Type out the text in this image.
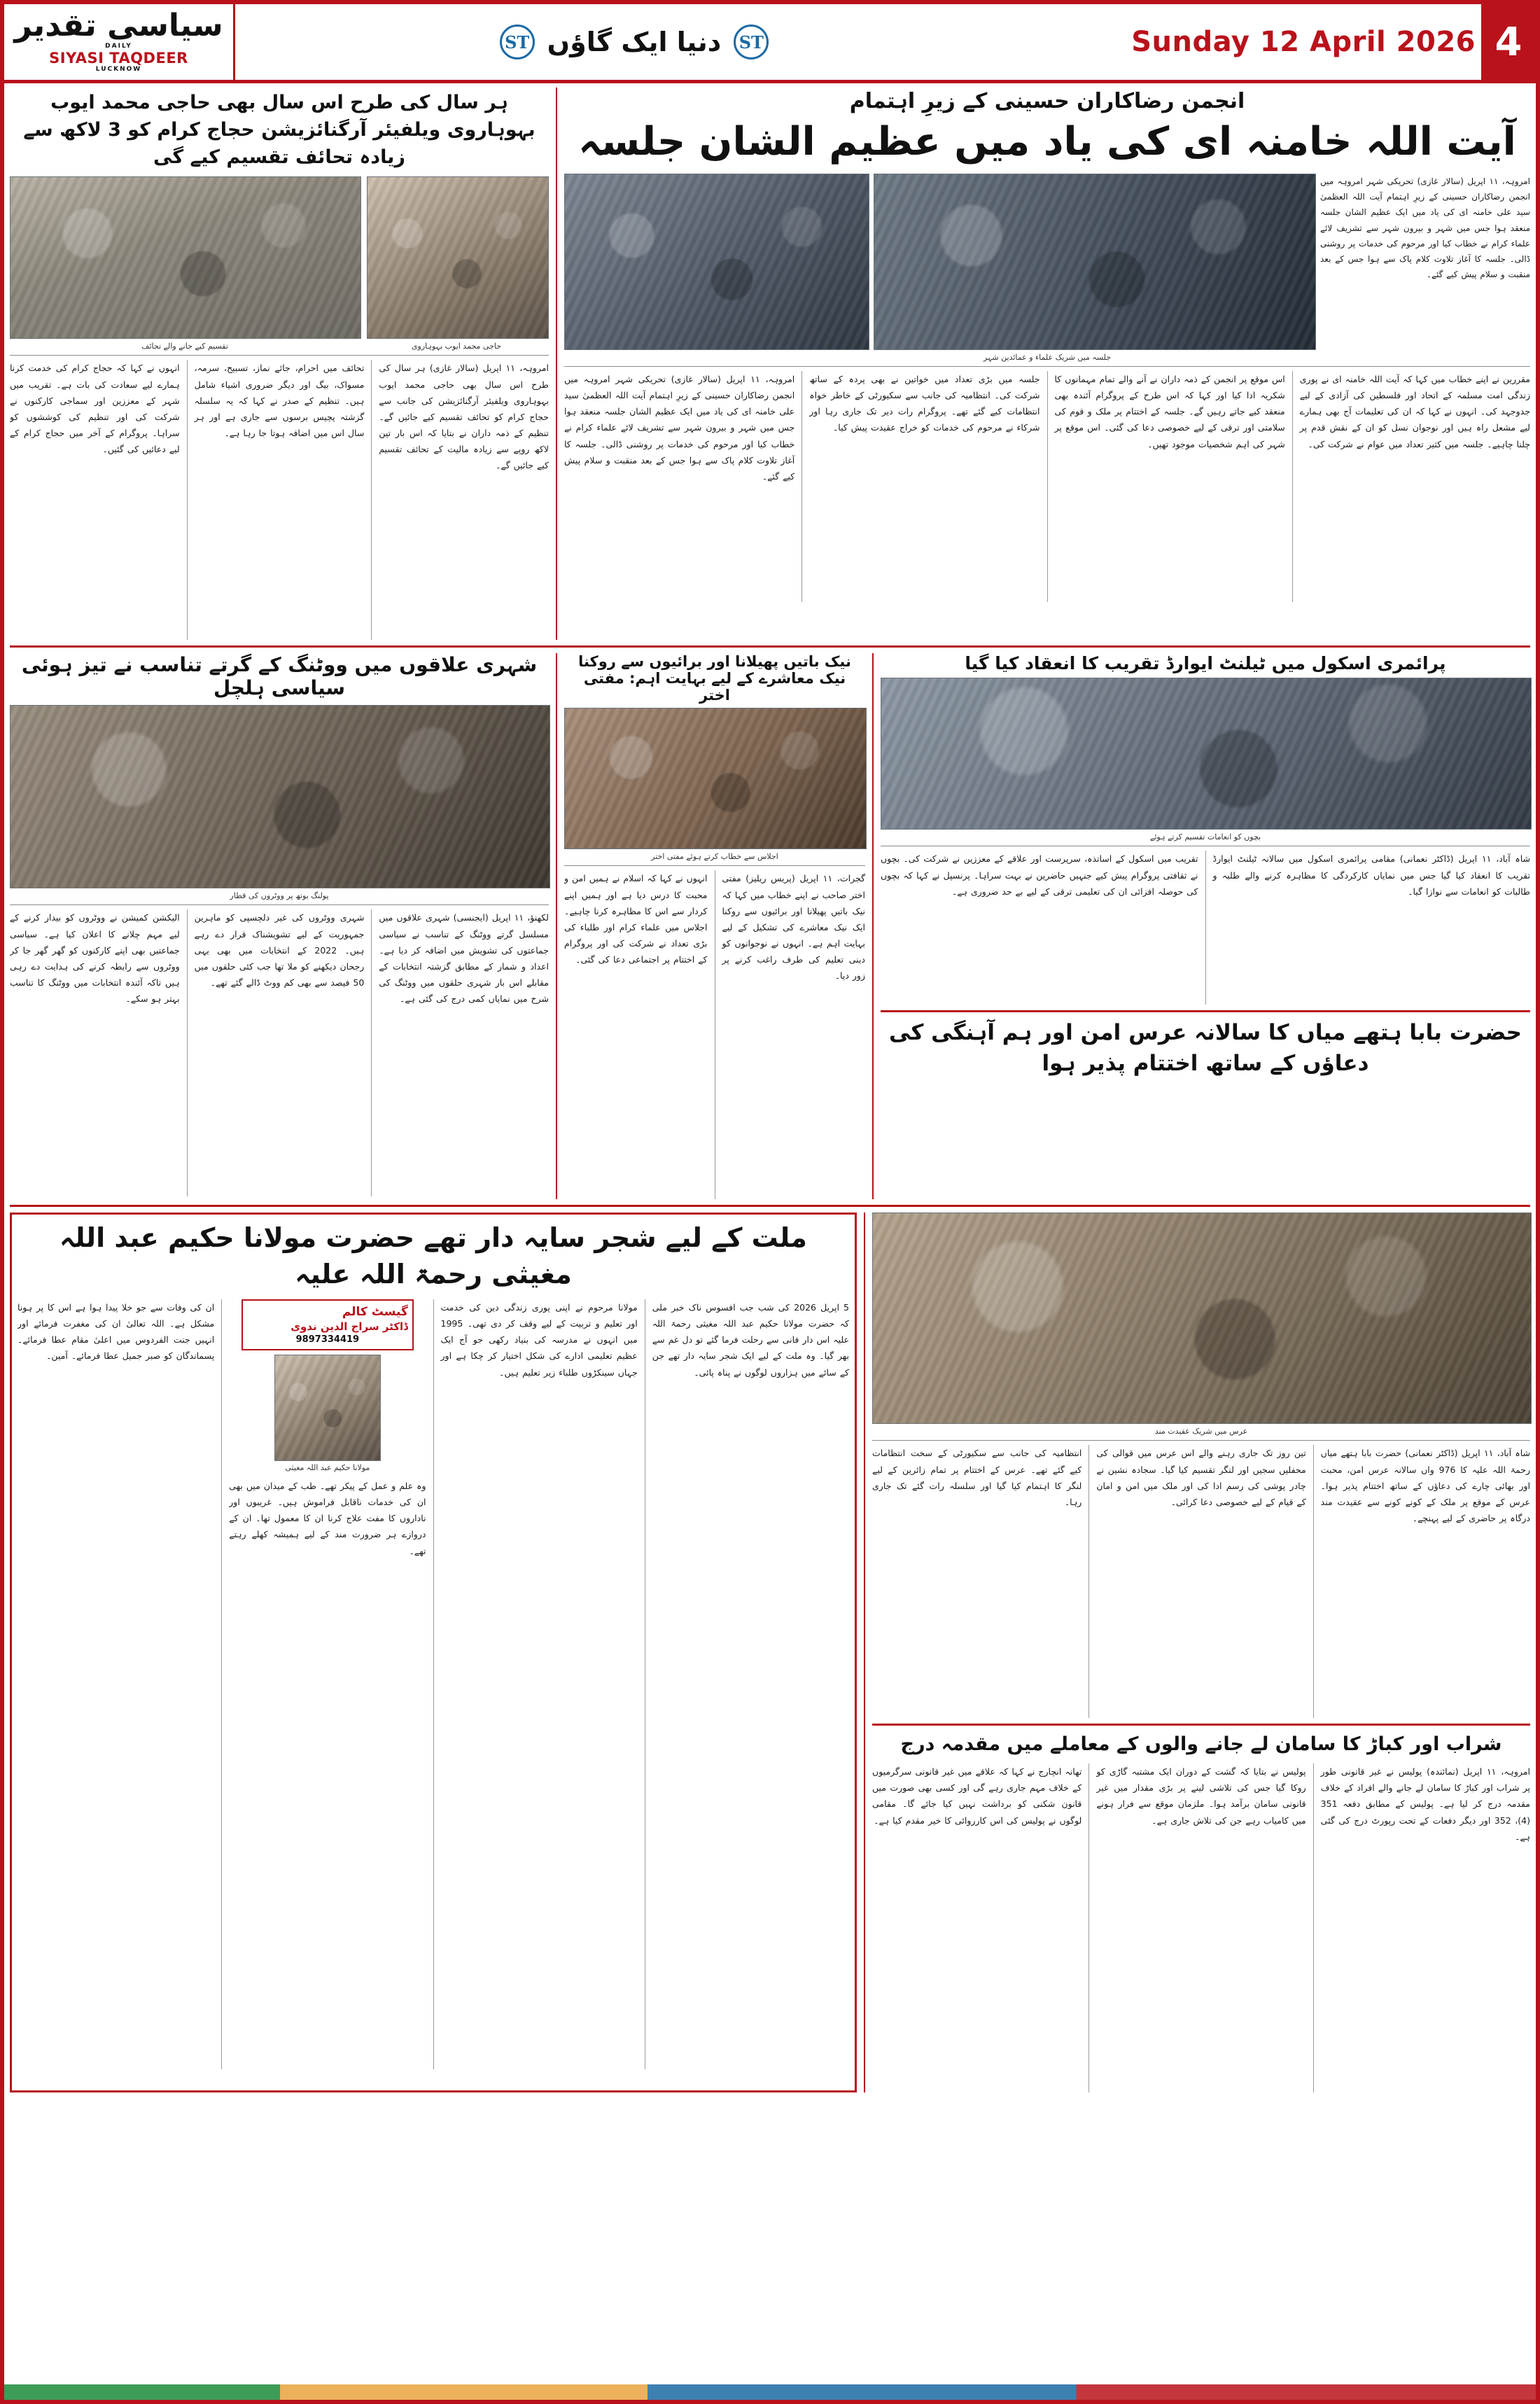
سیاسی تقدیر
DAILY
SIYASI TAQDEER
LUCKNOW
ST دنیا ایک گاؤں	ST	Sunday 12 April 2026 4
ہر سال کی طرح اس سال بھی حاجی محمد ایوب بہوہاروی ویلفیئر آرگنائزیشن حجاج کرام کو 3 لاکھ سے زیادہ تحائف تقسیم کیے گی
تقسیم کیے جانے والے تحائف	حاجی محمد ایوب بہوہاروی
امروہہ، ١١ اپریل (سالار غازی) ہر سال کی طرح اس سال بھی حاجی محمد ایوب بہوہاروی ویلفیئر آرگنائزیشن کی جانب سے حجاج کرام کو تحائف تقسیم کیے جائیں گے۔ تنظیم کے ذمہ داران نے بتایا کہ اس بار تین لاکھ روپے سے زیادہ مالیت کے تحائف تقسیم کیے جائیں گے۔
تحائف میں احرام، جائے نماز، تسبیح، سرمہ، مسواک، بیگ اور دیگر ضروری اشیاء شامل ہیں۔ تنظیم کے صدر نے کہا کہ یہ سلسلہ گزشتہ پچیس برسوں سے جاری ہے اور ہر سال اس میں اضافہ ہوتا جا رہا ہے۔
انہوں نے کہا کہ حجاج کرام کی خدمت کرنا ہمارے لیے سعادت کی بات ہے۔ تقریب میں شہر کے معززین اور سماجی کارکنوں نے شرکت کی اور تنظیم کی کوششوں کو سراہا۔ پروگرام کے آخر میں حجاج کرام کے لیے دعائیں کی گئیں۔
انجمن رضاکاران حسینی کے زیرِ اہتمام
آیت اللہ خامنہ ای کی یاد میں عظیم الشان جلسہ
امروہہ، ١١ اپریل (سالار غازی) تحریکی شہر امروہہ میں انجمن رضاکاران حسینی کے زیرِ اہتمام آیت اللہ العظمیٰ سید علی خامنہ ای کی یاد میں ایک عظیم الشان جلسہ منعقد ہوا جس میں شہر و بیرون شہر سے تشریف لائے علماء کرام نے خطاب کیا اور مرحوم کی خدمات پر روشنی ڈالی۔ جلسہ کا آغاز تلاوت کلام پاک سے ہوا جس کے بعد منقبت و سلام پیش کیے گئے۔
جلسہ میں شریک علماء و عمائدین شہر
مقررین نے اپنے خطاب میں کہا کہ آیت اللہ خامنہ ای نے پوری زندگی امت مسلمہ کے اتحاد اور فلسطین کی آزادی کے لیے جدوجہد کی۔ انہوں نے کہا کہ ان کی تعلیمات آج بھی ہمارے لیے مشعل راہ ہیں اور نوجوان نسل کو ان کے نقش قدم پر چلنا چاہیے۔ جلسہ میں کثیر تعداد میں عوام نے شرکت کی۔
اس موقع پر انجمن کے ذمہ داران نے آنے والے تمام مہمانوں کا شکریہ ادا کیا اور کہا کہ اس طرح کے پروگرام آئندہ بھی منعقد کیے جاتے رہیں گے۔ جلسہ کے اختتام پر ملک و قوم کی سلامتی اور ترقی کے لیے خصوصی دعا کی گئی۔ اس موقع پر شہر کی اہم شخصیات موجود تھیں۔
جلسہ میں بڑی تعداد میں خواتین نے بھی پردہ کے ساتھ شرکت کی۔ انتظامیہ کی جانب سے سکیورٹی کے خاطر خواہ انتظامات کیے گئے تھے۔ پروگرام رات دیر تک جاری رہا اور شرکاء نے مرحوم کی خدمات کو خراج عقیدت پیش کیا۔
امروہہ، ١١ اپریل (سالار غازی) تحریکی شہر امروہہ میں انجمن رضاکاران حسینی کے زیرِ اہتمام آیت اللہ العظمیٰ سید علی خامنہ ای کی یاد میں ایک عظیم الشان جلسہ منعقد ہوا جس میں شہر و بیرون شہر سے تشریف لائے علماء کرام نے خطاب کیا اور مرحوم کی خدمات پر روشنی ڈالی۔ جلسہ کا آغاز تلاوت کلام پاک سے ہوا جس کے بعد منقبت و سلام پیش کیے گئے۔
شہری علاقوں میں ووٹنگ کے گرتے تناسب نے تیز ہوئی سیاسی ہلچل
پولنگ بوتھ پر ووٹروں کی قطار
لکھنؤ، ١١ اپریل (ایجنسی) شہری علاقوں میں مسلسل گرتے ووٹنگ کے تناسب نے سیاسی جماعتوں کی تشویش میں اضافہ کر دیا ہے۔ اعداد و شمار کے مطابق گزشتہ انتخابات کے مقابلے اس بار شہری حلقوں میں ووٹنگ کی شرح میں نمایاں کمی درج کی گئی ہے۔
شہری ووٹروں کی غیر دلچسپی کو ماہرین جمہوریت کے لیے تشویشناک قرار دے رہے ہیں۔ 2022 کے انتخابات میں بھی یہی رجحان دیکھنے کو ملا تھا جب کئی حلقوں میں 50 فیصد سے بھی کم ووٹ ڈالے گئے تھے۔
الیکشن کمیشن نے ووٹروں کو بیدار کرنے کے لیے مہم چلانے کا اعلان کیا ہے۔ سیاسی جماعتیں بھی اپنے کارکنوں کو گھر گھر جا کر ووٹروں سے رابطہ کرنے کی ہدایت دے رہی ہیں تاکہ آئندہ انتخابات میں ووٹنگ کا تناسب بہتر ہو سکے۔
نیک باتیں پھیلانا اور برائیوں سے روکنا نیک معاشرے کے لیے بہایت اہم: مفتی اختر
اجلاس سے خطاب کرتے ہوئے مفتی اختر
گجرات، ١١ اپریل (پریس ریلیز) مفتی اختر صاحب نے اپنے خطاب میں کہا کہ نیک باتیں پھیلانا اور برائیوں سے روکنا ایک نیک معاشرے کی تشکیل کے لیے بہایت اہم ہے۔ انہوں نے نوجوانوں کو دینی تعلیم کی طرف راغب کرنے پر زور دیا۔
انہوں نے کہا کہ اسلام نے ہمیں امن و محبت کا درس دیا ہے اور ہمیں اپنے کردار سے اس کا مظاہرہ کرنا چاہیے۔ اجلاس میں علماء کرام اور طلباء کی بڑی تعداد نے شرکت کی اور پروگرام کے اختتام پر اجتماعی دعا کی گئی۔
پرائمری اسکول میں ٹیلنٹ ایوارڈ تقریب کا انعقاد کیا گیا
بچوں کو انعامات تقسیم کرتے ہوئے
شاہ آباد، ١١ اپریل (ڈاکٹر نعمانی) مقامی پرائمری اسکول میں سالانہ ٹیلنٹ ایوارڈ تقریب کا انعقاد کیا گیا جس میں نمایاں کارکردگی کا مظاہرہ کرنے والے طلبہ و طالبات کو انعامات سے نوازا گیا۔
تقریب میں اسکول کے اساتذہ، سرپرست اور علاقے کے معززین نے شرکت کی۔ بچوں نے ثقافتی پروگرام پیش کیے جنہیں حاضرین نے بہت سراہا۔ پرنسپل نے کہا کہ بچوں کی حوصلہ افزائی ان کی تعلیمی ترقی کے لیے بے حد ضروری ہے۔
حضرت بابا ہتھے میاں کا سالانہ عرس امن اور ہم آہنگی کی دعاؤں کے ساتھ اختتام پذیر ہوا
ملت کے لیے شجر سایہ دار تھے حضرت مولانا حکیم عبد اللہ مغیثی رحمۃ اللہ علیہ
5 اپریل 2026 کی شب جب افسوس ناک خبر ملی کہ حضرت مولانا حکیم عبد اللہ مغیثی رحمۃ اللہ علیہ اس دار فانی سے رحلت فرما گئے تو دل غم سے بھر گیا۔ وہ ملت کے لیے ایک شجر سایہ دار تھے جن کے سائے میں ہزاروں لوگوں نے پناہ پائی۔
مولانا مرحوم نے اپنی پوری زندگی دین کی خدمت اور تعلیم و تربیت کے لیے وقف کر دی تھی۔ 1995 میں انہوں نے مدرسہ کی بنیاد رکھی جو آج ایک عظیم تعلیمی ادارے کی شکل اختیار کر چکا ہے اور جہاں سینکڑوں طلباء زیر تعلیم ہیں۔
گیسٹ کالم
ڈاکٹر سراج الدین ندوی
9897334419
مولانا حکیم عبد اللہ مغیثی
وہ علم و عمل کے پیکر تھے۔ طب کے میدان میں بھی ان کی خدمات ناقابل فراموش ہیں۔ غریبوں اور ناداروں کا مفت علاج کرنا ان کا معمول تھا۔ ان کے دروازے ہر ضرورت مند کے لیے ہمیشہ کھلے رہتے تھے۔
ان کی وفات سے جو خلا پیدا ہوا ہے اس کا پر ہونا مشکل ہے۔ اللہ تعالیٰ ان کی مغفرت فرمائے اور انہیں جنت الفردوس میں اعلیٰ مقام عطا فرمائے۔ پسماندگان کو صبر جمیل عطا فرمائے۔ آمین۔
عرس میں شریک عقیدت مند
شاہ آباد، ١١ اپریل (ڈاکٹر نعمانی) حضرت بابا ہتھے میاں رحمۃ اللہ علیہ کا 976 واں سالانہ عرس امن، محبت اور بھائی چارے کی دعاؤں کے ساتھ اختتام پذیر ہوا۔ عرس کے موقع پر ملک کے کونے کونے سے عقیدت مند درگاہ پر حاضری کے لیے پہنچے۔
تین روز تک جاری رہنے والے اس عرس میں قوالی کی محفلیں سجیں اور لنگر تقسیم کیا گیا۔ سجادہ نشین نے چادر پوشی کی رسم ادا کی اور ملک میں امن و امان کے قیام کے لیے خصوصی دعا کرائی۔
انتظامیہ کی جانب سے سکیورٹی کے سخت انتظامات کیے گئے تھے۔ عرس کے اختتام پر تمام زائرین کے لیے لنگر کا اہتمام کیا گیا اور سلسلہ رات گئے تک جاری رہا۔
شراب اور کباڑ کا سامان لے جانے والوں کے معاملے میں مقدمہ درج
امروہہ، ١١ اپریل (نمائندہ) پولیس نے غیر قانونی طور پر شراب اور کباڑ کا سامان لے جانے والے افراد کے خلاف مقدمہ درج کر لیا ہے۔ پولیس کے مطابق دفعہ 351 (4)، 352 اور دیگر دفعات کے تحت رپورٹ درج کی گئی ہے۔
پولیس نے بتایا کہ گشت کے دوران ایک مشتبہ گاڑی کو روکا گیا جس کی تلاشی لینے پر بڑی مقدار میں غیر قانونی سامان برآمد ہوا۔ ملزمان موقع سے فرار ہونے میں کامیاب رہے جن کی تلاش جاری ہے۔
تھانہ انچارج نے کہا کہ علاقے میں غیر قانونی سرگرمیوں کے خلاف مہم جاری رہے گی اور کسی بھی صورت میں قانون شکنی کو برداشت نہیں کیا جائے گا۔ مقامی لوگوں نے پولیس کی اس کارروائی کا خیر مقدم کیا ہے۔
